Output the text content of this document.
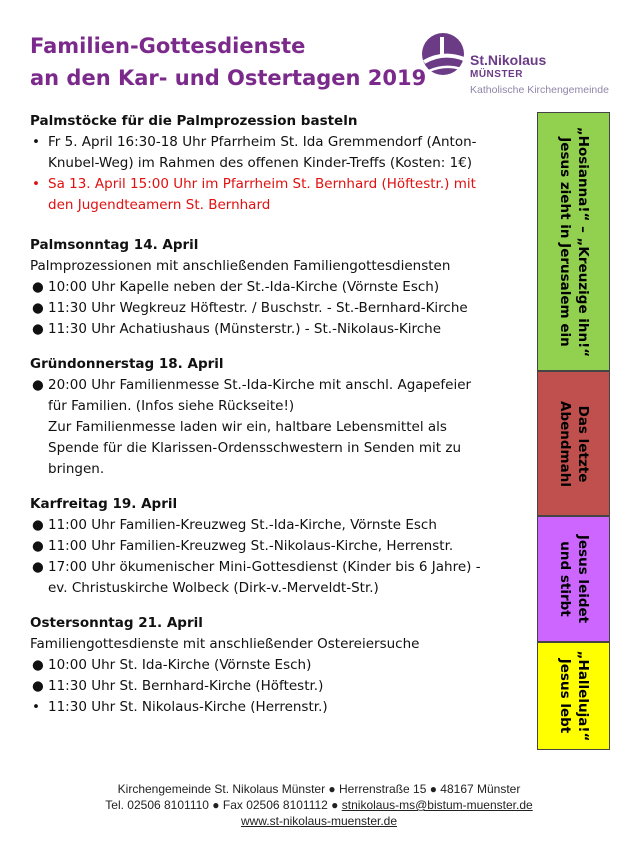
Familien-Gottesdienste
an den Kar- und Ostertagen 2019
St.Nikolaus
MÜNSTER
Katholische Kirchengemeinde
Palmstöcke für die Palmprozession basteln
• Fr 5. April 16:30-18 Uhr Pfarrheim St. Ida Gremmendorf (Anton-
Knubel-Weg) im Rahmen des offenen Kinder-Treffs (Kosten: 1€)
• Sa 13. April 15:00 Uhr im Pfarrheim St. Bernhard (Höftestr.) mit
den Jugendteamern St. Bernhard
Palmsonntag 14. April
Palmprozessionen mit anschließenden Familiengottesdiensten
● 10:00 Uhr Kapelle neben der St.-Ida-Kirche (Vörnste Esch)
● 11:30 Uhr Wegkreuz Höftestr. / Buschstr. - St.-Bernhard-Kirche
● 11:30 Uhr Achatiushaus (Münsterstr.) - St.-Nikolaus-Kirche
Gründonnerstag 18. April
● 20:00 Uhr Familienmesse St.-Ida-Kirche mit anschl. Agapefeier
für Familien. (Infos siehe Rückseite!)

Zur Familienmesse laden wir ein, haltbare Lebensmittel als
Spende für die Klarissen-Ordensschwestern in Senden mit zu
bringen.

Karfreitag 19. April
● 11:00 Uhr Familien-Kreuzweg St.-Ida-Kirche, Vörnste Esch
● 11:00 Uhr Familien-Kreuzweg St.-Nikolaus-Kirche, Herrenstr.
● 17:00 Uhr ökumenischer Mini-Gottesdienst (Kinder bis 6 Jahre) -
ev. Christuskirche Wolbeck (Dirk-v.-Merveldt-Str.)
Ostersonntag 21. April
Familiengottesdienste mit anschließender Ostereiersuche
● 10:00 Uhr St. Ida-Kirche (Vörnste Esch)
● 11:30 Uhr St. Bernhard-Kirche (Höftestr.)
• 11:30 Uhr St. Nikolaus-Kirche (Herrenstr.)
„Hosianna!“ – „Kreuzige ihn!“
Jesus zieht in Jerusalem ein
Das letzte
Abendmahl
Jesus leidet
und stirbt
„Halleluja!“
Jesus lebt
Kirchengemeinde St. Nikolaus Münster ● Herrenstraße 15 ● 48167 Münster
Tel. 02506 8101110 ● Fax 02506 8101112 ● stnikolaus-ms@bistum-muenster.de
www.st-nikolaus-muenster.de
